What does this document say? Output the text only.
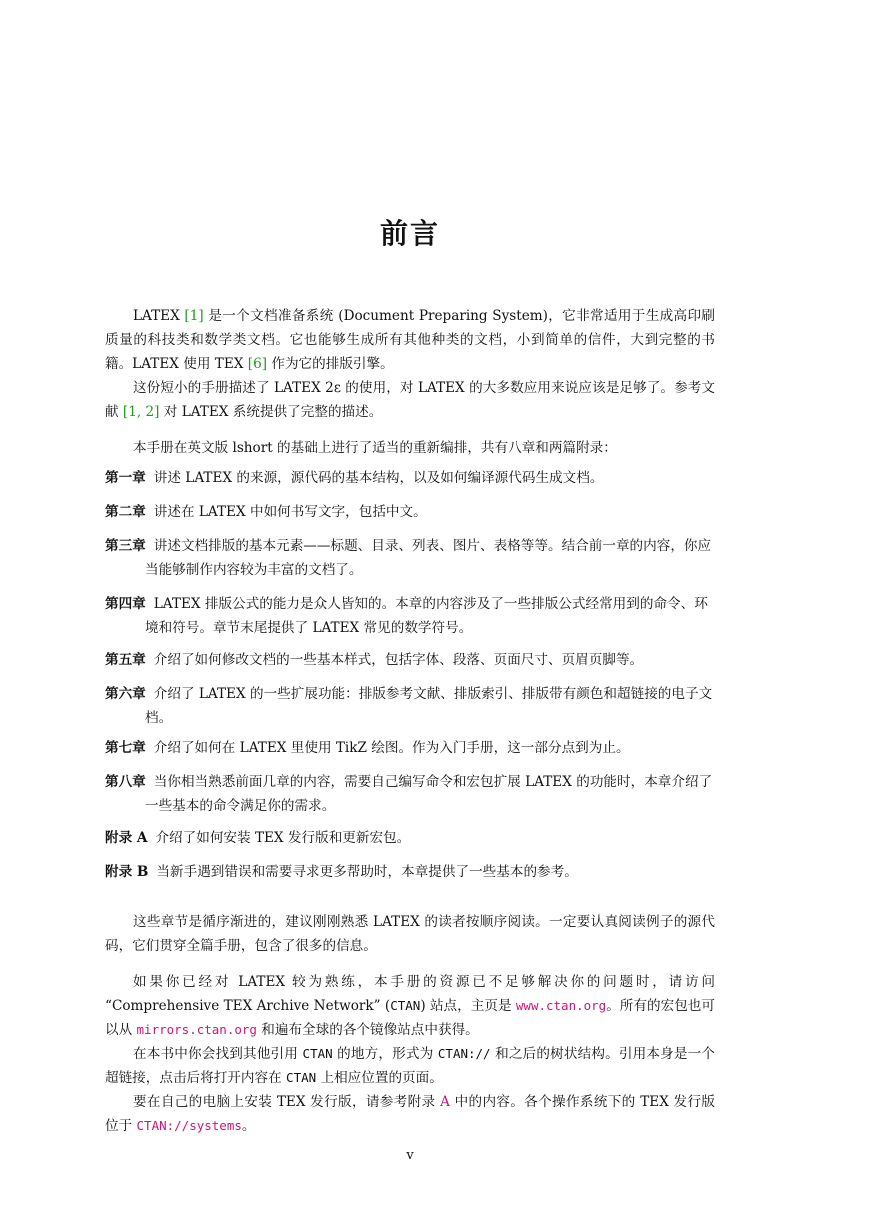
前言
LATEX [1] 是一个文档准备系统 (Document Preparing System)，它非常适用于生成高印刷质量的科技类和数学类文档。它也能够生成所有其他种类的文档，小到简单的信件，大到完整的书籍。LATEX 使用 TEX [6] 作为它的排版引擎。
这份短小的手册描述了 LATEX 2ε 的使用，对 LATEX 的大多数应用来说应该是足够了。参考文献 [1, 2] 对 LATEX 系统提供了完整的描述。
本手册在英文版 lshort 的基础上进行了适当的重新编排，共有八章和两篇附录：
第一章 讲述 LATEX 的来源，源代码的基本结构，以及如何编译源代码生成文档。
第二章 讲述在 LATEX 中如何书写文字，包括中文。
第三章 讲述文档排版的基本元素——标题、目录、列表、图片、表格等等。结合前一章的内容，你应当能够制作内容较为丰富的文档了。
第四章 LATEX 排版公式的能力是众人皆知的。本章的内容涉及了一些排版公式经常用到的命令、环境和符号。章节末尾提供了 LATEX 常见的数学符号。
第五章 介绍了如何修改文档的一些基本样式，包括字体、段落、页面尺寸、页眉页脚等。
第六章 介绍了 LATEX 的一些扩展功能：排版参考文献、排版索引、排版带有颜色和超链接的电子文档。
第七章 介绍了如何在 LATEX 里使用 TikZ 绘图。作为入门手册，这一部分点到为止。
第八章 当你相当熟悉前面几章的内容，需要自己编写命令和宏包扩展 LATEX 的功能时，本章介绍了一些基本的命令满足你的需求。
附录 A 介绍了如何安装 TEX 发行版和更新宏包。
附录 B 当新手遇到错误和需要寻求更多帮助时，本章提供了一些基本的参考。
这些章节是循序渐进的，建议刚刚熟悉 LATEX 的读者按顺序阅读。一定要认真阅读例子的源代码，它们贯穿全篇手册，包含了很多的信息。
如果你已经对 LATEX 较为熟练，本手册的资源已不足够解决你的问题时，请访问 “Comprehensive TEX Archive Network” (CTAN) 站点，主页是 www.ctan.org。所有的宏包也可以从 mirrors.ctan.org 和遍布全球的各个镜像站点中获得。
在本书中你会找到其他引用 CTAN 的地方，形式为 CTAN:// 和之后的树状结构。引用本身是一个超链接，点击后将打开内容在 CTAN 上相应位置的页面。
要在自己的电脑上安装 TEX 发行版，请参考附录 A 中的内容。各个操作系统下的 TEX 发行版位于 CTAN://systems。
v
